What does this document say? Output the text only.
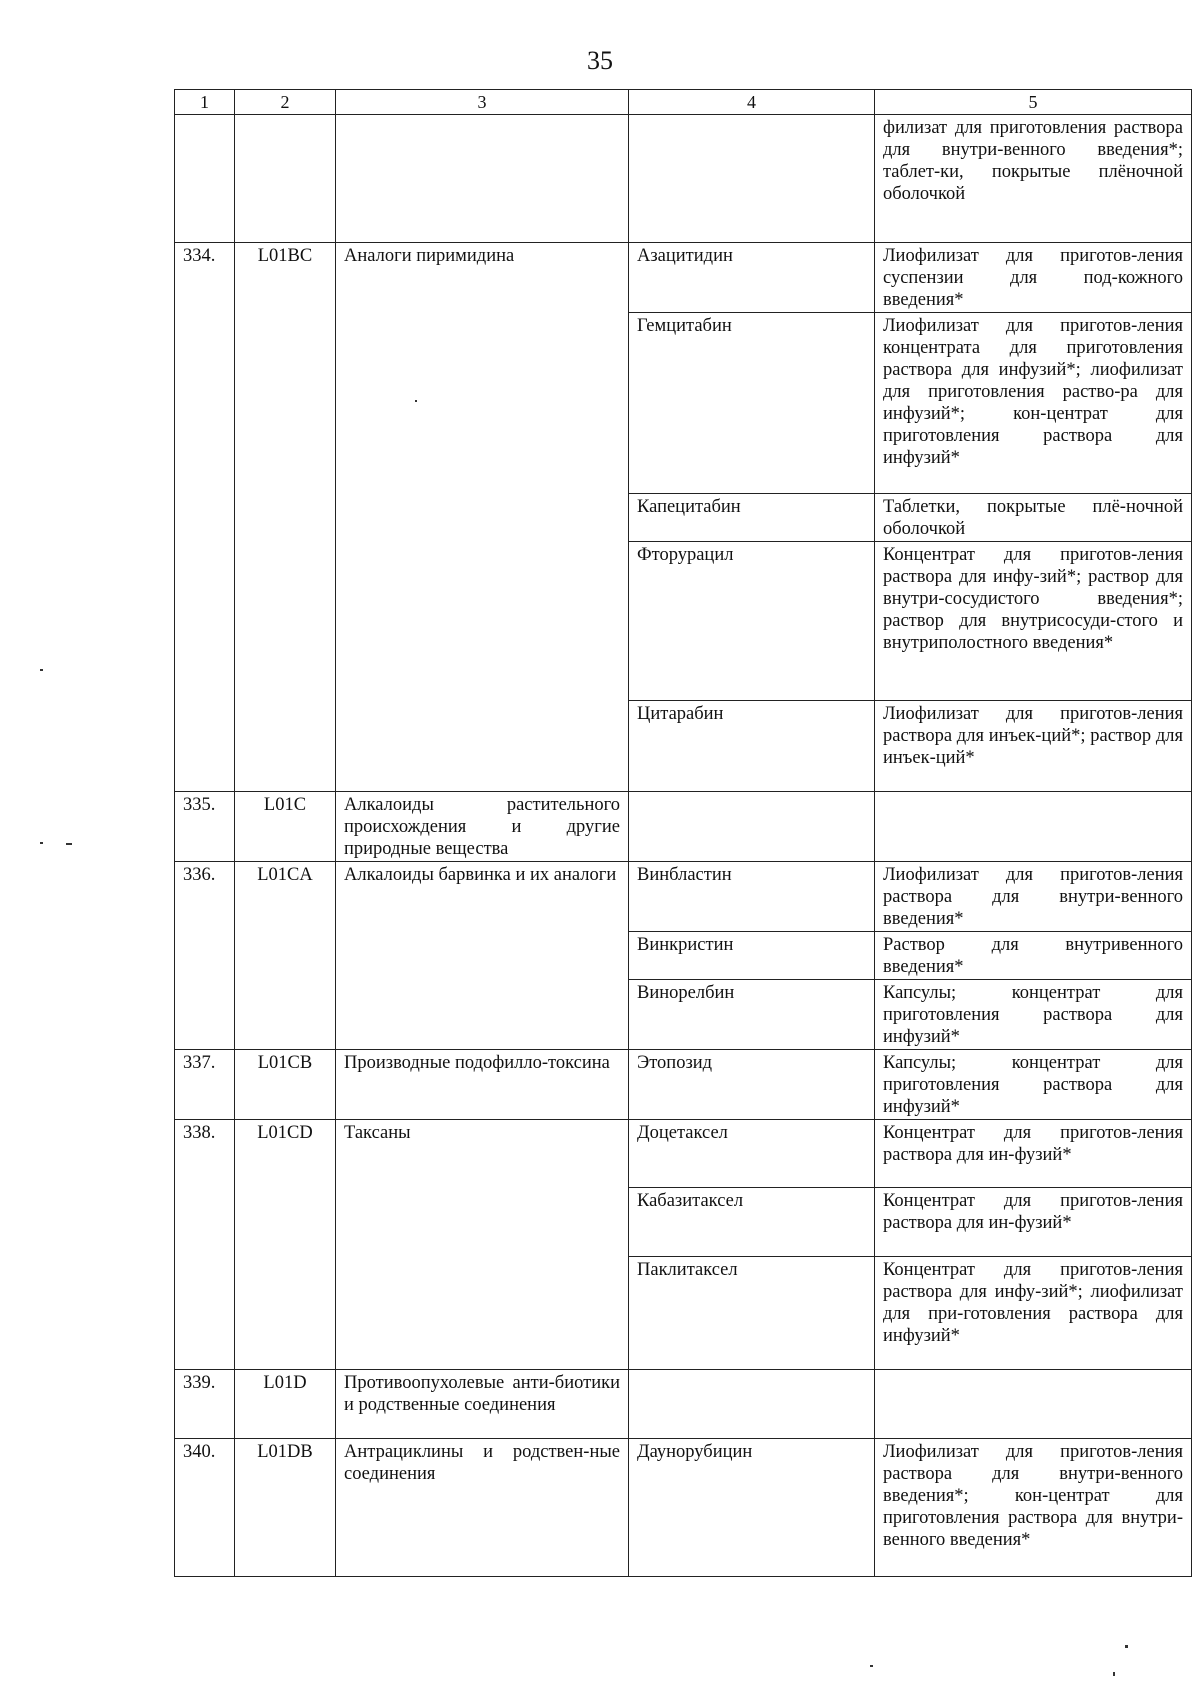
35
1	2	3	4	5
				филизат для приготовления раствора для внутри-венного введения*; таблет-ки, покрытые плёночной оболочкой
334.	L01BC	Аналоги пиримидина	Азацитидин	Лиофилизат для приготов-ления суспензии для под-кожного введения*
			Гемцитабин	Лиофилизат для приготов-ления концентрата для приготовления раствора для инфузий*; лиофилизат для приготовления раство-ра для инфузий*; кон-центрат для приготовления раствора для инфузий*
			Капецитабин	Таблетки, покрытые плё-ночной оболочкой
			Фторурацил	Концентрат для приготов-ления раствора для инфу-зий*; раствор для внутри-сосудистого введения*; раствор для внутрисосуди-стого и внутриполостного введения*
			Цитарабин	Лиофилизат для приготов-ления раствора для инъек-ций*; раствор для инъек-ций*
335.	L01C	Алкалоиды растительного происхождения и другие природные вещества		
336.	L01CA	Алкалоиды барвинка и их аналоги	Винбластин	Лиофилизат для приготов-ления раствора для внутри-венного введения*
			Винкристин	Раствор для внутривенного введения*
			Винорелбин	Капсулы; концентрат для приготовления раствора для инфузий*
337.	L01CB	Производные подофилло-токсина	Этопозид	Капсулы; концентрат для приготовления раствора для инфузий*
338.	L01CD	Таксаны	Доцетаксел	Концентрат для приготов-ления раствора для ин-фузий*
			Кабазитаксел	Концентрат для приготов-ления раствора для ин-фузий*
			Паклитаксел	Концентрат для приготов-ления раствора для инфу-зий*; лиофилизат для при-готовления раствора для инфузий*
339.	L01D	Противоопухолевые анти-биотики и родственные соединения		
340.	L01DB	Антрациклины и родствен-ные соединения	Даунорубицин	Лиофилизат для приготов-ления раствора для внутри-венного введения*; кон-центрат для приготовления раствора для внутри-венного введения*
